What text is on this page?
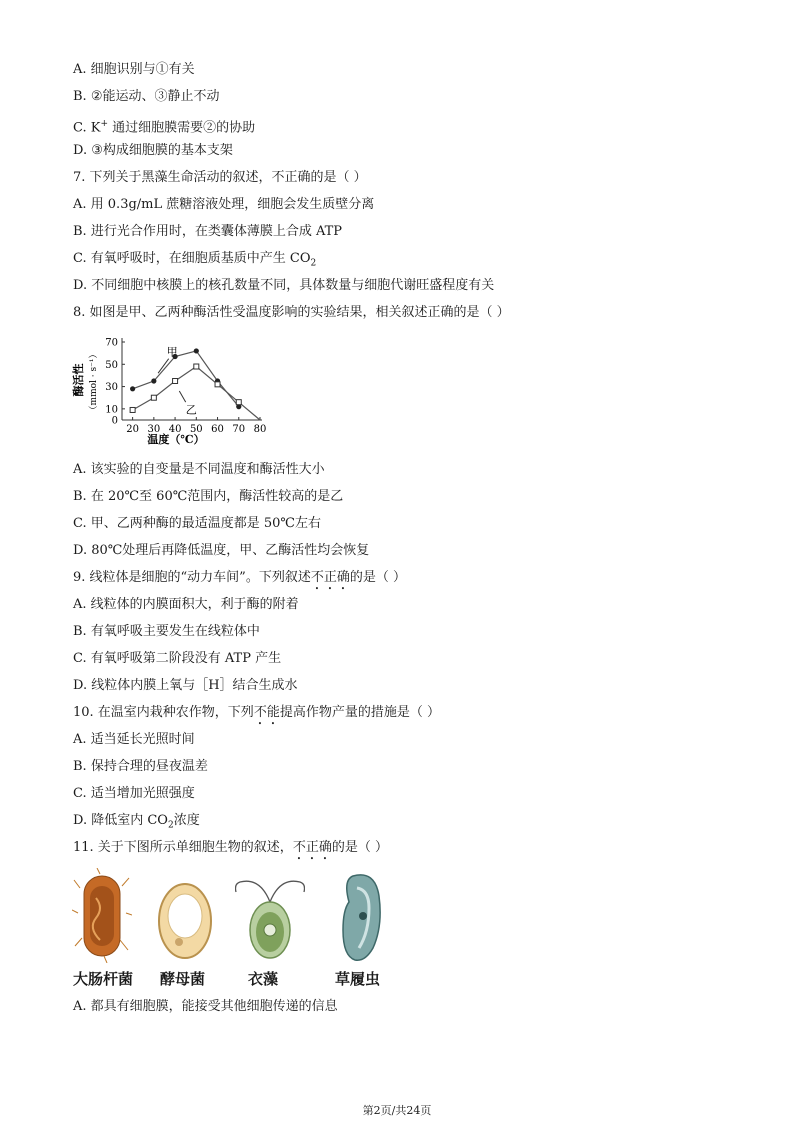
A. 细胞识别与①有关
B. ②能运动、③静止不动
C. K+ 通过细胞膜需要②的协助
D. ③构成细胞膜的基本支架
7. 下列关于黑藻生命活动的叙述，不正确的是（ ）
A. 用 0.3g/mL 蔗糖溶液处理，细胞会发生质壁分离
B. 进行光合作用时，在类囊体薄膜上合成 ATP
C. 有氧呼吸时，在细胞质基质中产生 $CO_2$
D. 不同细胞中核膜上的核孔数量不同，具体数量与细胞代谢旺盛程度有关
8. 如图是甲、乙两种酶活性受温度影响的实验结果，相关叙述正确的是（ ）
20 30 40 50 60 70 80
0
10
30
50
70
温度（℃）
酶活性 （mmol · s⁻¹）	甲
乙
A. 该实验的自变量是不同温度和酶活性大小
B. 在 20℃至 60℃范围内，酶活性较高的是乙
C. 甲、乙两种酶的最适温度都是 50℃左右
D. 80℃处理后再降低温度，甲、乙酶活性均会恢复
9. 线粒体是细胞的“动力车间”。下列叙述不正确的是（ ）
A. 线粒体的内膜面积大，利于酶的附着
B. 有氧呼吸主要发生在线粒体中
C. 有氧呼吸第二阶段没有 ATP 产生
D. 线粒体内膜上氧与［H］结合生成水
10. 在温室内栽种农作物，下列不能提高作物产量的措施是（ ）
A. 适当延长光照时间
B. 保持合理的昼夜温差
C. 适当增加光照强度
D. 降低室内 $CO_2$浓度
11. 关于下图所示单细胞生物的叙述，不正确的是（ ）
大肠杆菌 酵母菌	衣藻	草履虫
A. 都具有细胞膜，能接受其他细胞传递的信息
第2页/共24页
